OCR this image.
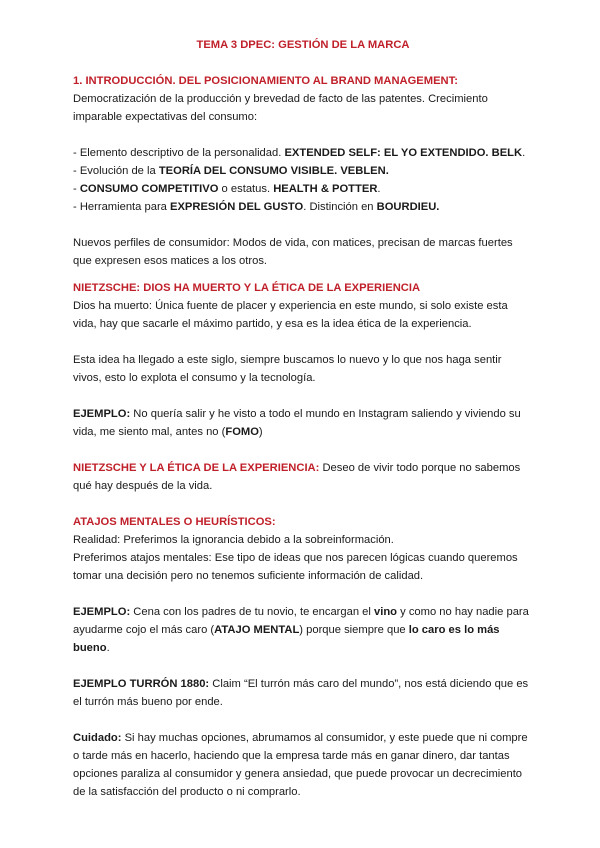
TEMA 3 DPEC: GESTIÓN DE LA MARCA

1. INTRODUCCIÓN. DEL POSICIONAMIENTO AL BRAND MANAGEMENT:

Democratización de la producción y brevedad de facto de las patentes. Crecimiento imparable expectativas del consumo:

- Elemento descriptivo de la personalidad. EXTENDED SELF: EL YO EXTENDIDO. BELK.
- Evolución de la TEORÍA DEL CONSUMO VISIBLE. VEBLEN.
- CONSUMO COMPETITIVO o estatus. HEALTH & POTTER.
- Herramienta para EXPRESIÓN DEL GUSTO. Distinción en BOURDIEU.

Nuevos perfiles de consumidor: Modos de vida, con matices, precisan de marcas fuertes que expresen esos matices a los otros.

NIETZSCHE: DIOS HA MUERTO Y LA ÉTICA DE LA EXPERIENCIA

Dios ha muerto: Única fuente de placer y experiencia en este mundo, si solo existe esta vida, hay que sacarle el máximo partido, y esa es la idea ética de la experiencia.

Esta idea ha llegado a este siglo, siempre buscamos lo nuevo y lo que nos haga sentir vivos, esto lo explota el consumo y la tecnología.

EJEMPLO: No quería salir y he visto a todo el mundo en Instagram saliendo y viviendo su vida, me siento mal, antes no (FOMO)

NIETZSCHE Y LA ÉTICA DE LA EXPERIENCIA: Deseo de vivir todo porque no sabemos qué hay después de la vida.

ATAJOS MENTALES O HEURÍSTICOS:

Realidad: Preferimos la ignorancia debido a la sobreinformación.

Preferimos atajos mentales: Ese tipo de ideas que nos parecen lógicas cuando queremos tomar una decisión pero no tenemos suficiente información de calidad.

EJEMPLO: Cena con los padres de tu novio, te encargan el vino y como no hay nadie para ayudarme cojo el más caro (ATAJO MENTAL) porque siempre que lo caro es lo más bueno.

EJEMPLO TURRÓN 1880: Claim “El turrón más caro del mundo”, nos está diciendo que es el turrón más bueno por ende.

Cuidado: Si hay muchas opciones, abrumamos al consumidor, y este puede que ni compre o tarde más en hacerlo, haciendo que la empresa tarde más en ganar dinero, dar tantas opciones paraliza al consumidor y genera ansiedad, que puede provocar un decrecimiento de la satisfacción del producto o ni comprarlo.
